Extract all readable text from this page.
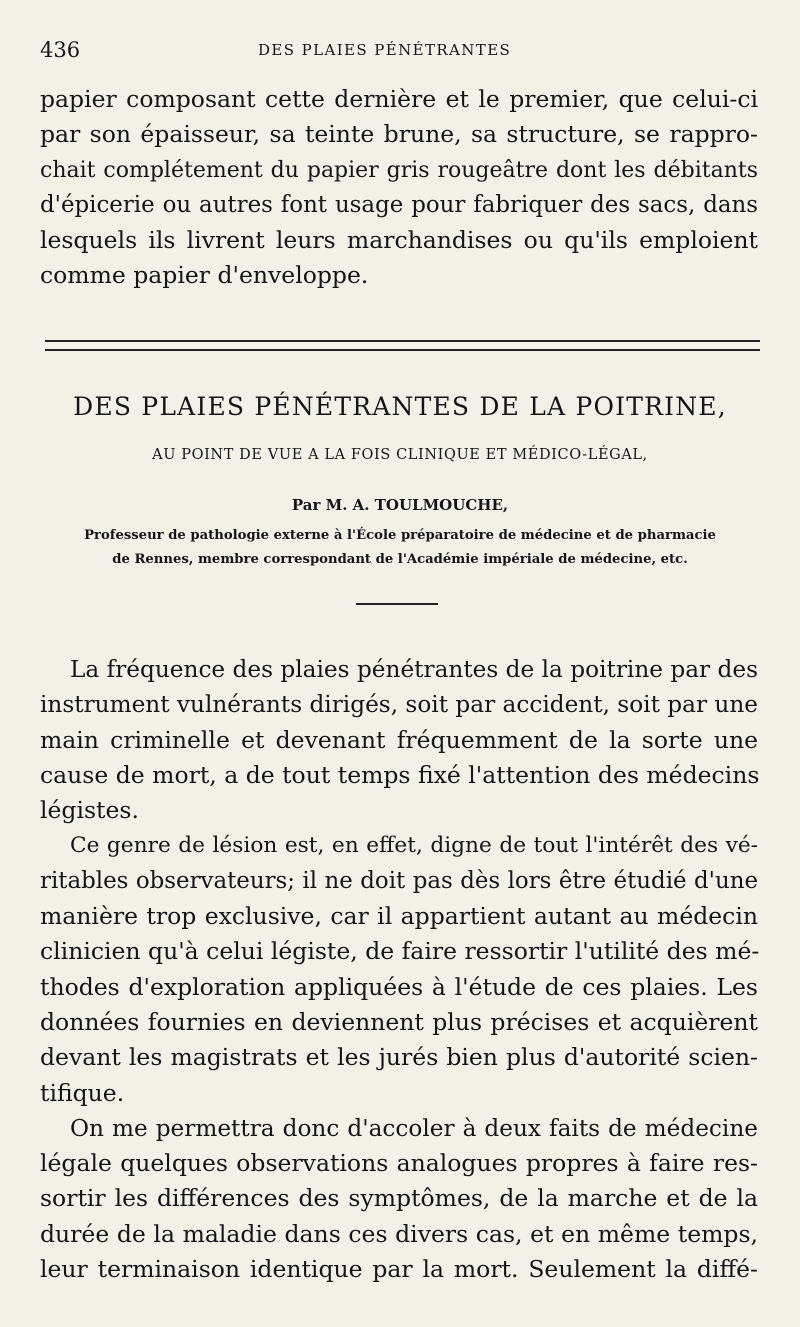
436	DES PLAIES PÉNÉTRANTES
papier composant cette dernière et le premier, que celui-ci
par son épaisseur, sa teinte brune, sa structure, se rappro-
chait complétement du papier gris rougeâtre dont les débitants
d'épicerie ou autres font usage pour fabriquer des sacs, dans
lesquels ils livrent leurs marchandises ou qu'ils emploient
comme papier d'enveloppe.
DES PLAIES PÉNÉTRANTES DE LA POITRINE,
AU POINT DE VUE A LA FOIS CLINIQUE ET MÉDICO-LÉGAL,
Par M. A. TOULMOUCHE,
Professeur de pathologie externe à l'École préparatoire de médecine et de pharmacie
de Rennes, membre correspondant de l'Académie impériale de médecine, etc.
La fréquence des plaies pénétrantes de la poitrine par des
instrument vulnérants dirigés, soit par accident, soit par une
main criminelle et devenant fréquemment de la sorte une
cause de mort, a de tout temps fixé l'attention des médecins
légistes.
Ce genre de lésion est, en effet, digne de tout l'intérêt des vé-
ritables observateurs; il ne doit pas dès lors être étudié d'une
manière trop exclusive, car il appartient autant au médecin
clinicien qu'à celui légiste, de faire ressortir l'utilité des mé-
thodes d'exploration appliquées à l'étude de ces plaies. Les
données fournies en deviennent plus précises et acquièrent
devant les magistrats et les jurés bien plus d'autorité scien-
tifique.
On me permettra donc d'accoler à deux faits de médecine
légale quelques observations analogues propres à faire res-
sortir les différences des symptômes, de la marche et de la
durée de la maladie dans ces divers cas, et en même temps,
leur terminaison identique par la mort. Seulement la diffé-
